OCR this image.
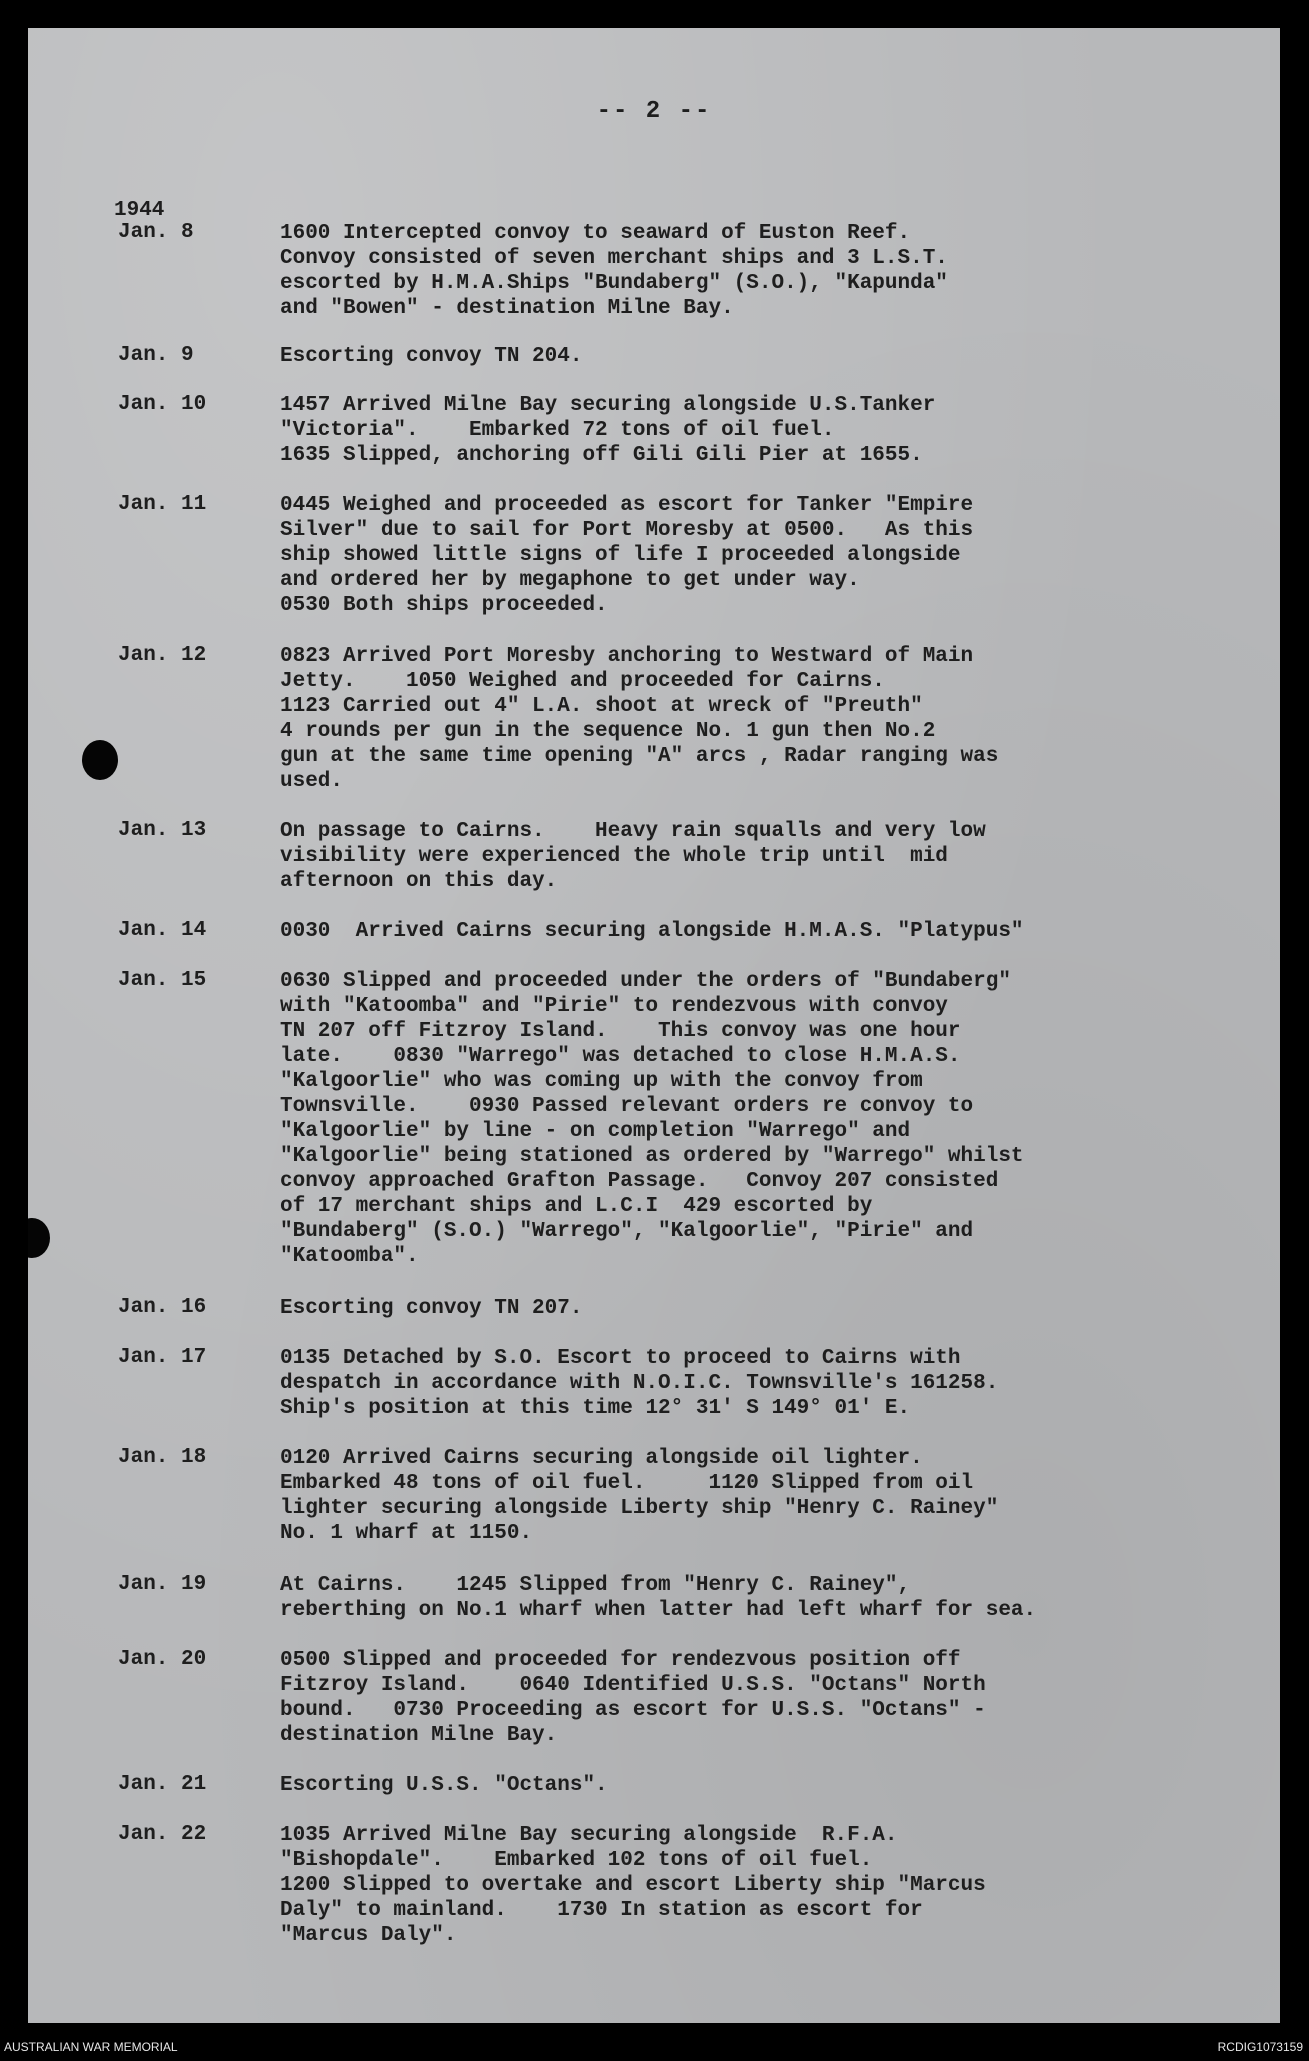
-- 2 --
1944
Jan. 8	1600 Intercepted convoy to seaward of Euston Reef.
Convoy consisted of seven merchant ships and 3 L.S.T.
escorted by H.M.A.Ships "Bundaberg" (S.O.), "Kapunda"
and "Bowen" - destination Milne Bay.
Jan. 9	Escorting convoy TN 204.
Jan. 10	1457 Arrived Milne Bay securing alongside U.S.Tanker
"Victoria".    Embarked 72 tons of oil fuel.
1635 Slipped, anchoring off Gili Gili Pier at 1655.
Jan. 11	0445 Weighed and proceeded as escort for Tanker "Empire
Silver" due to sail for Port Moresby at 0500.   As this
ship showed little signs of life I proceeded alongside
and ordered her by megaphone to get under way.
0530 Both ships proceeded.
Jan. 12	0823 Arrived Port Moresby anchoring to Westward of Main
Jetty.    1050 Weighed and proceeded for Cairns.
1123 Carried out 4" L.A. shoot at wreck of "Preuth"
4 rounds per gun in the sequence No. 1 gun then No.2
gun at the same time opening "A" arcs , Radar ranging was
used.
Jan. 13	On passage to Cairns.    Heavy rain squalls and very low
visibility were experienced the whole trip until  mid
afternoon on this day.
Jan. 14	0030  Arrived Cairns securing alongside H.M.A.S. "Platypus"
Jan. 15	0630 Slipped and proceeded under the orders of "Bundaberg"
with "Katoomba" and "Pirie" to rendezvous with convoy
TN 207 off Fitzroy Island.    This convoy was one hour
late.    0830 "Warrego" was detached to close H.M.A.S.
"Kalgoorlie" who was coming up with the convoy from
Townsville.    0930 Passed relevant orders re convoy to
"Kalgoorlie" by line - on completion "Warrego" and
"Kalgoorlie" being stationed as ordered by "Warrego" whilst
convoy approached Grafton Passage.   Convoy 207 consisted
of 17 merchant ships and L.C.I  429 escorted by
"Bundaberg" (S.O.) "Warrego", "Kalgoorlie", "Pirie" and
"Katoomba".
Jan. 16	Escorting convoy TN 207.
Jan. 17	0135 Detached by S.O. Escort to proceed to Cairns with
despatch in accordance with N.O.I.C. Townsville's 161258.
Ship's position at this time 12° 31' S 149° 01' E.
Jan. 18	0120 Arrived Cairns securing alongside oil lighter.
Embarked 48 tons of oil fuel.     1120 Slipped from oil
lighter securing alongside Liberty ship "Henry C. Rainey"
No. 1 wharf at 1150.
Jan. 19	At Cairns.    1245 Slipped from "Henry C. Rainey",
reberthing on No.1 wharf when latter had left wharf for sea.
Jan. 20	0500 Slipped and proceeded for rendezvous position off
Fitzroy Island.    0640 Identified U.S.S. "Octans" North
bound.   0730 Proceeding as escort for U.S.S. "Octans" -
destination Milne Bay.
Jan. 21	Escorting U.S.S. "Octans".
Jan. 22	1035 Arrived Milne Bay securing alongside  R.F.A.
"Bishopdale".    Embarked 102 tons of oil fuel.
1200 Slipped to overtake and escort Liberty ship "Marcus
Daly" to mainland.    1730 In station as escort for
"Marcus Daly".
AUSTRALIAN WAR MEMORIAL	RCDIG1073159
